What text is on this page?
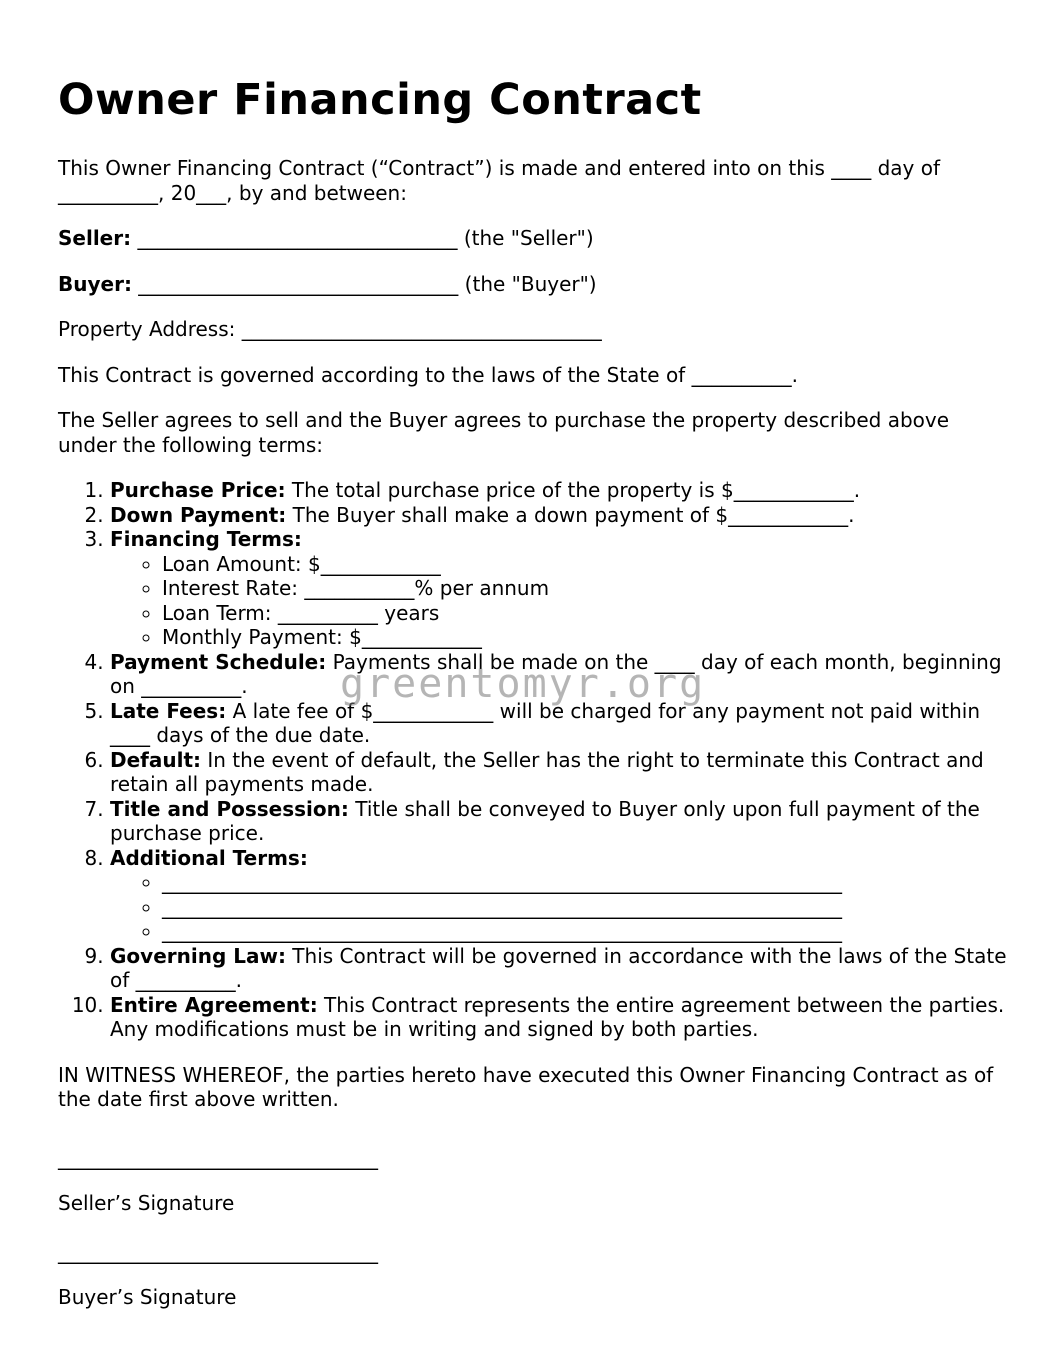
Owner Financing Contract

This Owner Financing Contract (“Contract”) is made and entered into on this ____ day of __________, 20___, by and between:

Seller: ________________________________ (the "Seller")

Buyer: ________________________________ (the "Buyer")

Property Address: ____________________________________

This Contract is governed according to the laws of the State of __________.

The Seller agrees to sell and the Buyer agrees to purchase the property described above under the following terms:

1. Purchase Price: The total purchase price of the property is $____________.
2. Down Payment: The Buyer shall make a down payment of $____________.
3. Financing Terms:
◦ Loan Amount: $____________
◦ Interest Rate: ___________% per annum
◦ Loan Term: __________ years
◦ Monthly Payment: $____________
4. Payment Schedule: Payments shall be made on the ____ day of each month, beginning on __________.
5. Late Fees: A late fee of $____________ will be charged for any payment not paid within ____ days of the due date.
6. Default: In the event of default, the Seller has the right to terminate this Contract and retain all payments made.
7. Title and Possession: Title shall be conveyed to Buyer only upon full payment of the purchase price.
8. Additional Terms:
◦ ____________________________________________________________________
◦ ____________________________________________________________________
◦ ____________________________________________________________________
9. Governing Law: This Contract will be governed in accordance with the laws of the State of __________.
10. Entire Agreement: This Contract represents the entire agreement between the parties. Any modifications must be in writing and signed by both parties.

IN WITNESS WHEREOF, the parties hereto have executed this Owner Financing Contract as of the date first above written.

________________________________

Seller’s Signature

________________________________

Buyer’s Signature

greentomyr.org
